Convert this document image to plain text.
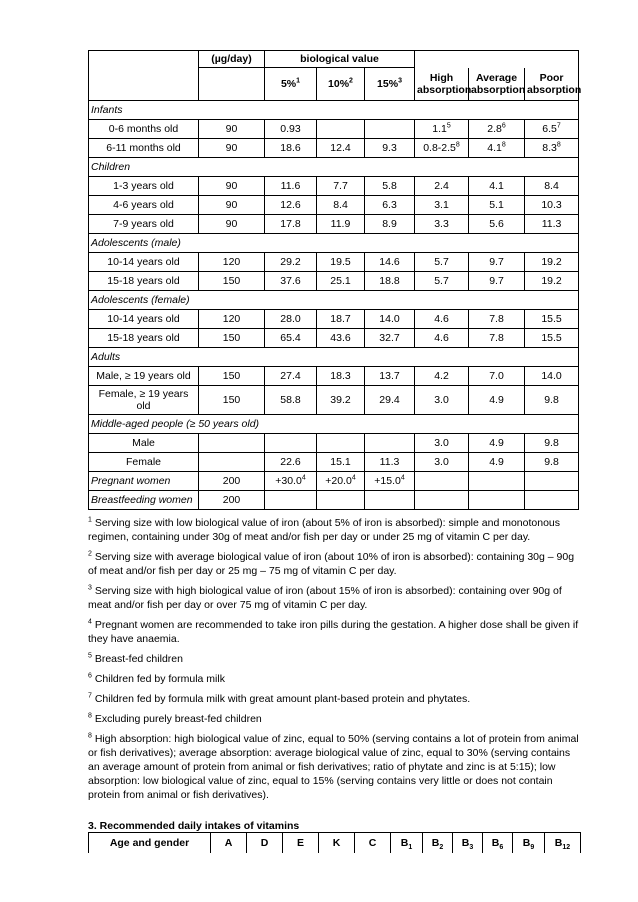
	(µg/day)	biological value					
		5%$^1$	10%$^2$	15%$^3$	High absorption	Average absorption	Poor absorption
Infants							
0-6 months old	90	0.93			$1.1^5$	$2.8^6$	$6.5^7$
6-11 months old	90	18.6	12.4	9.3	$0.8-2.5^8$	$4.1^8$	$8.3^8$
Children							
1-3 years old	90	11.6	7.7	5.8	2.4	4.1	8.4
4-6 years old	90	12.6	8.4	6.3	3.1	5.1	10.3
7-9 years old	90	17.8	11.9	8.9	3.3	5.6	11.3
Adolescents (male)							
10-14 years old	120	29.2	19.5	14.6	5.7	9.7	19.2
15-18 years old	150	37.6	25.1	18.8	5.7	9.7	19.2
Adolescents (female)							
10-14 years old	120	28.0	18.7	14.0	4.6	7.8	15.5
15-18 years old	150	65.4	43.6	32.7	4.6	7.8	15.5
Adults							
Male, ≥ 19 years old	150	27.4	18.3	13.7	4.2	7.0	14.0
Female, ≥ 19 years old	150	58.8	39.2	29.4	3.0	4.9	9.8
Middle-aged people (≥ 50 years old)							
Male					3.0	4.9	9.8
Female		22.6	15.1	11.3	3.0	4.9	9.8
Pregnant women	200	$+30.0^4$	$+20.0^4$	$+15.0^4$			
Breastfeeding women	200						

$^1$ Serving size with low biological value of iron (about 5% of iron is absorbed): simple and monotonous regimen, containing under 30g of meat and/or fish per day or under 25 mg of vitamin C per day.

$^2$ Serving size with average biological value of iron (about 10% of iron is absorbed): containing 30g – 90g of meat and/or fish per day or 25 mg – 75 mg of vitamin C per day.

$^3$ Serving size with high biological value of iron (about 15% of iron is absorbed): containing over 90g of meat and/or fish per day or over 75 mg of vitamin C per day.

$^4$ Pregnant women are recommended to take iron pills during the gestation. A higher dose shall be given if they have anaemia.

$^5$ Breast-fed children

$^6$ Children fed by formula milk

$^7$ Children fed by formula milk with great amount plant-based protein and phytates.

$^8$ Excluding purely breast-fed children

$^8$ High absorption: high biological value of zinc, equal to 50% (serving contains a lot of protein from animal or fish derivatives); average absorption: average biological value of zinc, equal to 30% (serving contains an average amount of protein from animal or fish derivatives; ratio of phytate and zinc is at 5:15); low absorption: low biological value of zinc, equal to 15% (serving contains very little or does not contain protein from animal or fish derivatives).

3. Recommended daily intakes of vitamins
Age and gender	A	D	E	K	C	$B_1$	$B_2$	$B_3$	$B_6$	$B_9$	$B_{12}$
